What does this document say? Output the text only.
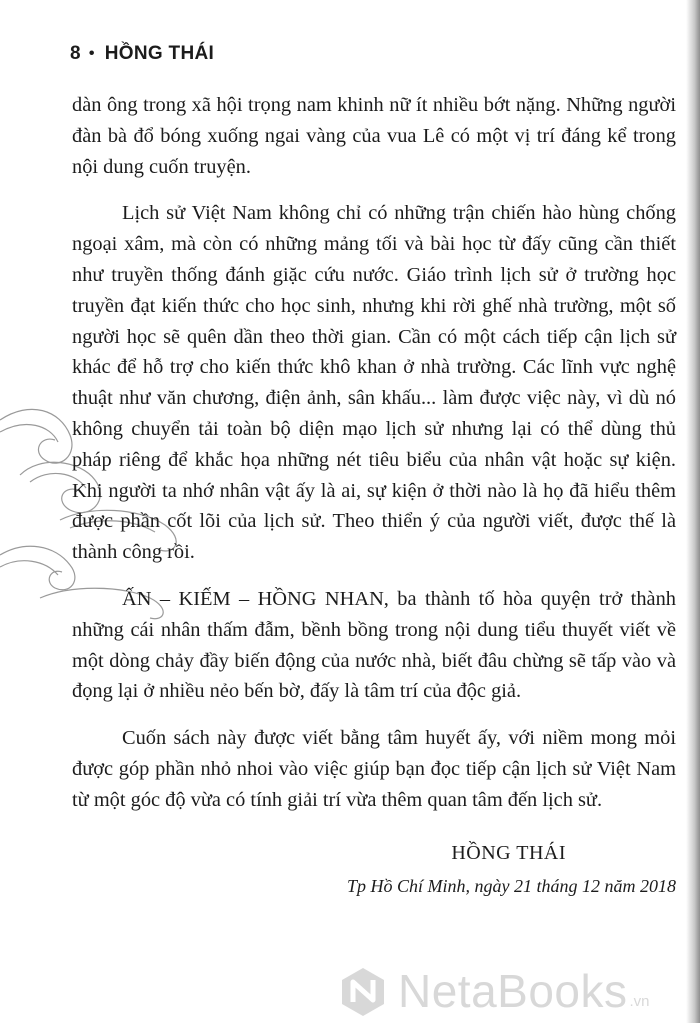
8 • HỒNG THÁI

dàn ông trong xã hội trọng nam khinh nữ ít nhiều bớt nặng. Những người đàn bà đổ bóng xuống ngai vàng của vua Lê có một vị trí đáng kể trong nội dung cuốn truyện.

Lịch sử Việt Nam không chỉ có những trận chiến hào hùng chống ngoại xâm, mà còn có những mảng tối và bài học từ đấy cũng cần thiết như truyền thống đánh giặc cứu nước. Giáo trình lịch sử ở trường học truyền đạt kiến thức cho học sinh, nhưng khi rời ghế nhà trường, một số người học sẽ quên dần theo thời gian. Cần có một cách tiếp cận lịch sử khác để hỗ trợ cho kiến thức khô khan ở nhà trường. Các lĩnh vực nghệ thuật như văn chương, điện ảnh, sân khấu... làm được việc này, vì dù nó không chuyển tải toàn bộ diện mạo lịch sử nhưng lại có thể dùng thủ pháp riêng để khắc họa những nét tiêu biểu của nhân vật hoặc sự kiện. Khi người ta nhớ nhân vật ấy là ai, sự kiện ở thời nào là họ đã hiểu thêm được phần cốt lõi của lịch sử. Theo thiển ý của người viết, được thế là thành công rồi.

ẤN – KIẾM – HỒNG NHAN, ba thành tố hòa quyện trở thành những cái nhân thấm đẫm, bềnh bồng trong nội dung tiểu thuyết viết về một dòng chảy đầy biến động của nước nhà, biết đâu chừng sẽ tấp vào và đọng lại ở nhiều nẻo bến bờ, đấy là tâm trí của độc giả.

Cuốn sách này được viết bằng tâm huyết ấy, với niềm mong mỏi được góp phần nhỏ nhoi vào việc giúp bạn đọc tiếp cận lịch sử Việt Nam từ một góc độ vừa có tính giải trí vừa thêm quan tâm đến lịch sử.

HỒNG THÁI
Tp Hồ Chí Minh, ngày 21 tháng 12 năm 2018
NetaBooks .vn
